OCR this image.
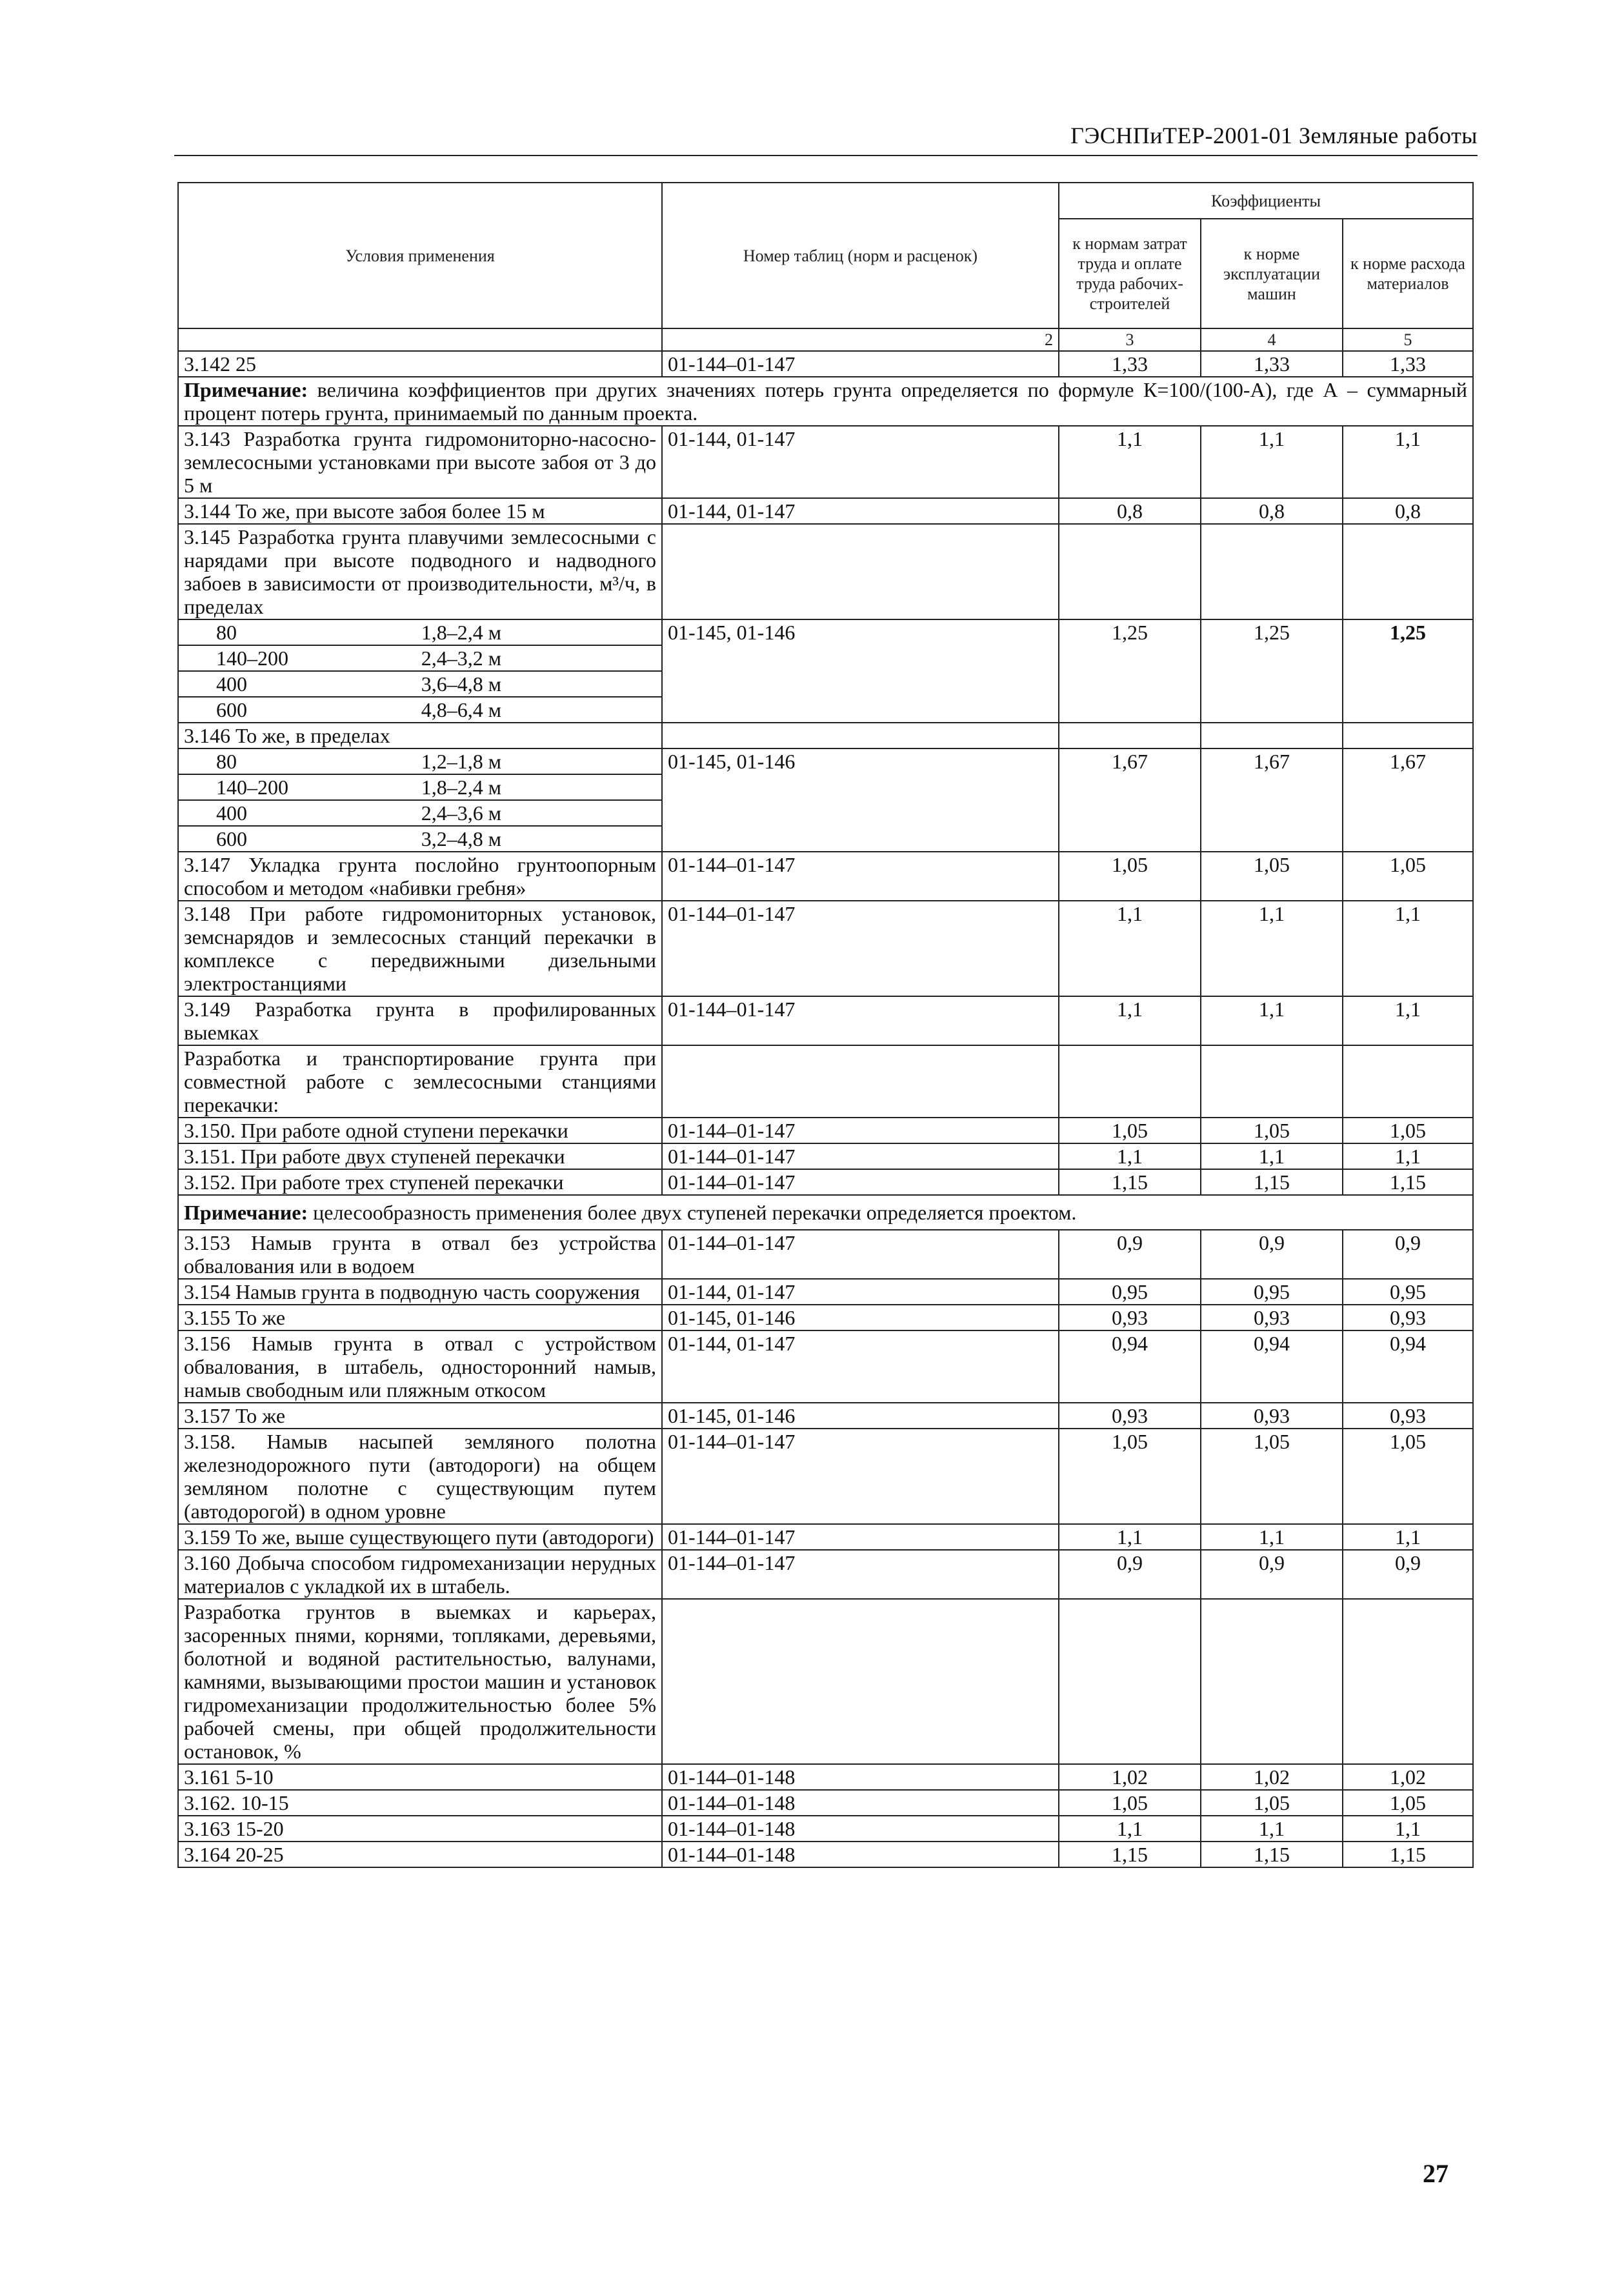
ГЭСНПиТЕР-2001-01 Земляные работы
Условия применения	Номер таблиц (норм и расценок)	Коэффициенты		
		к нормам затрат труда и оплате труда рабочих-строителей	к норме эксплуатации машин	к норме расхода материалов
	2	3	4	5
3.142 25	01-144–01-147	1,33	1,33	1,33
Примечание: величина коэффициентов при других значениях потерь грунта определяется по формуле К=100/(100-А), где А – суммарный процент потерь грунта, принимаемый по данным проекта.				
3.143 Разработка грунта гидромониторно-насосно-землесосными установками при высоте забоя от 3 до 5 м	01-144, 01-147	1,1	1,1	1,1
3.144 То же, при высоте забоя более 15 м	01-144, 01-147	0,8	0,8	0,8
3.145 Разработка грунта плавучими землесосными с нарядами при высоте подводного и надводного забоев в зависимости от производительности, м³/ч, в пределах				

80 1,8–2,4 м	01-145, 01-146	1,25	1,25	1,25

140–200 2,4–3,2 м				

400 3,6–4,8 м				

600 4,8–6,4 м				

3.146 То же, в пределах				

80 1,2–1,8 м	01-145, 01-146	1,67	1,67	1,67

140–200 1,8–2,4 м				

400 2,4–3,6 м				

600 3,2–4,8 м				

3.147 Укладка грунта послойно грунтоопорным способом и методом «набивки гребня»	01-144–01-147	1,05	1,05	1,05
3.148 При работе гидромониторных установок, земснарядов и землесосных станций перекачки в комплексе с передвижными дизельными электростанциями	01-144–01-147	1,1	1,1	1,1
3.149 Разработка грунта в профилированных выемках	01-144–01-147	1,1	1,1	1,1
Разработка и транспортирование грунта при совместной работе с землесосными станциями перекачки:				
3.150. При работе одной ступени перекачки	01-144–01-147	1,05	1,05	1,05
3.151. При работе двух ступеней перекачки	01-144–01-147	1,1	1,1	1,1
3.152. При работе трех ступеней перекачки	01-144–01-147	1,15	1,15	1,15
Примечание: целесообразность применения более двух ступеней перекачки определяется проектом.				
3.153 Намыв грунта в отвал без устройства обвалования или в водоем	01-144–01-147	0,9	0,9	0,9
3.154 Намыв грунта в подводную часть сооружения	01-144, 01-147	0,95	0,95	0,95
3.155 То же	01-145, 01-146	0,93	0,93	0,93
3.156 Намыв грунта в отвал с устройством обвалования, в штабель, односторонний намыв, намыв свободным или пляжным откосом	01-144, 01-147	0,94	0,94	0,94
3.157 То же	01-145, 01-146	0,93	0,93	0,93
3.158. Намыв насыпей земляного полотна железнодорожного пути (автодороги) на общем земляном полотне с существующим путем (автодорогой) в одном уровне	01-144–01-147	1,05	1,05	1,05
3.159 То же, выше существующего пути (автодороги)	01-144–01-147	1,1	1,1	1,1
3.160 Добыча способом гидромеханизации нерудных материалов с укладкой их в штабель.	01-144–01-147	0,9	0,9	0,9
Разработка грунтов в выемках и карьерах, засоренных пнями, корнями, топляками, деревьями, болотной и водяной растительностью, валунами, камнями, вызывающими простои машин и установок гидромеханизации продолжительностью более 5% рабочей смены, при общей продолжительности остановок, %				
3.161 5-10	01-144–01-148	1,02	1,02	1,02
3.162. 10-15	01-144–01-148	1,05	1,05	1,05
3.163 15-20	01-144–01-148	1,1	1,1	1,1
3.164 20-25	01-144–01-148	1,15	1,15	1,15
27
